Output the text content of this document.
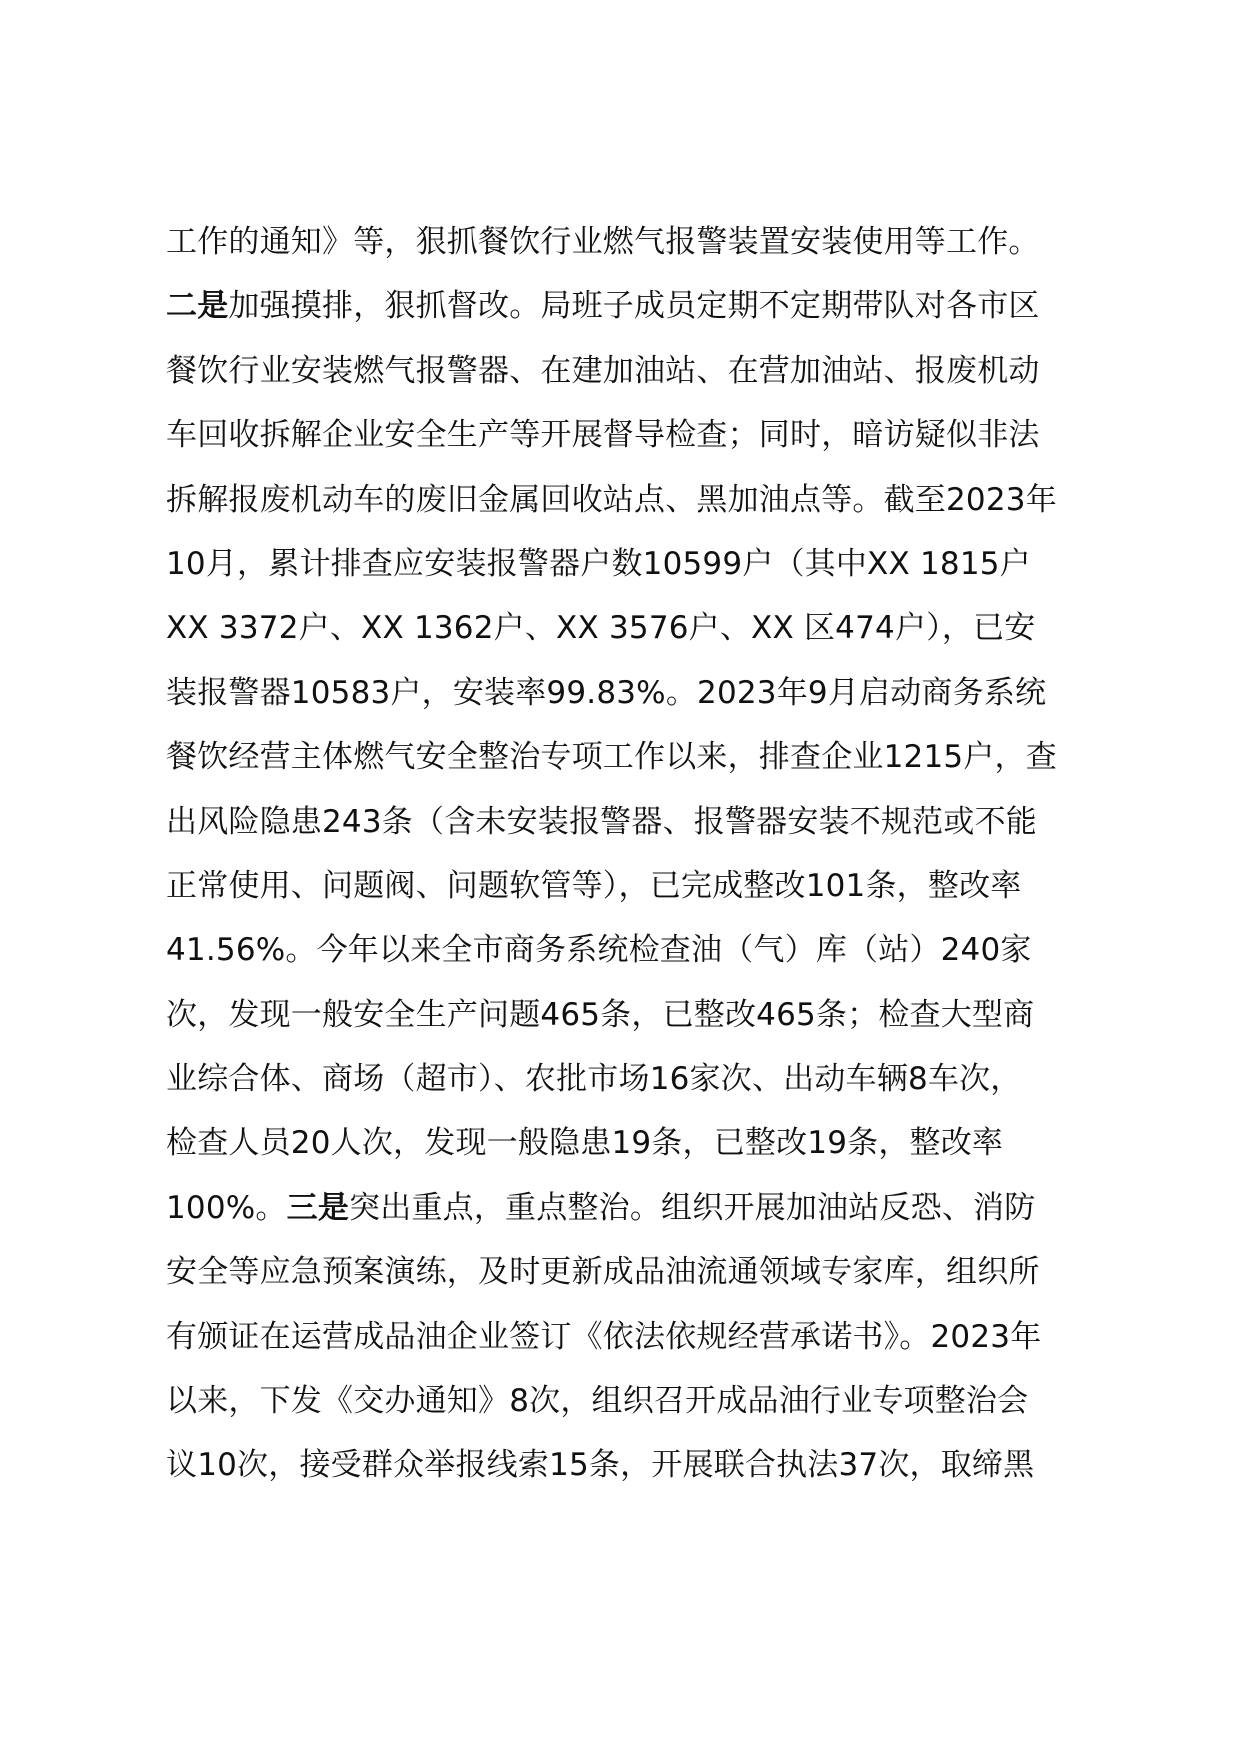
工作的通知》等，狠抓餐饮行业燃气报警装置安装使用等工作。
二是加强摸排，狠抓督改。局班子成员定期不定期带队对各市区
餐饮行业安装燃气报警器、在建加油站、在营加油站、报废机动
车回收拆解企业安全生产等开展督导检查；同时，暗访疑似非法
拆解报废机动车的废旧金属回收站点、黑加油点等。截至2023年
10月，累计排查应安装报警器户数10599户（其中XX 1815户
XX 3372户、XX 1362户、XX 3576户、XX 区474户），已安
装报警器10583户，安装率99.83%。2023年9月启动商务系统
餐饮经营主体燃气安全整治专项工作以来，排查企业1215户，查
出风险隐患243条（含未安装报警器、报警器安装不规范或不能
正常使用、问题阀、问题软管等），已完成整改101条，整改率
41.56%。今年以来全市商务系统检查油（气）库（站）240家
次，发现一般安全生产问题465条，已整改465条；检查大型商
业综合体、商场（超市）、农批市场16家次、出动车辆8车次，
检查人员20人次，发现一般隐患19条，已整改19条，整改率
100%。三是突出重点，重点整治。组织开展加油站反恐、消防
安全等应急预案演练，及时更新成品油流通领域专家库，组织所
有颁证在运营成品油企业签订《依法依规经营承诺书》。2023年
以来，下发《交办通知》8次，组织召开成品油行业专项整治会
议10次，接受群众举报线索15条，开展联合执法37次，取缔黑
